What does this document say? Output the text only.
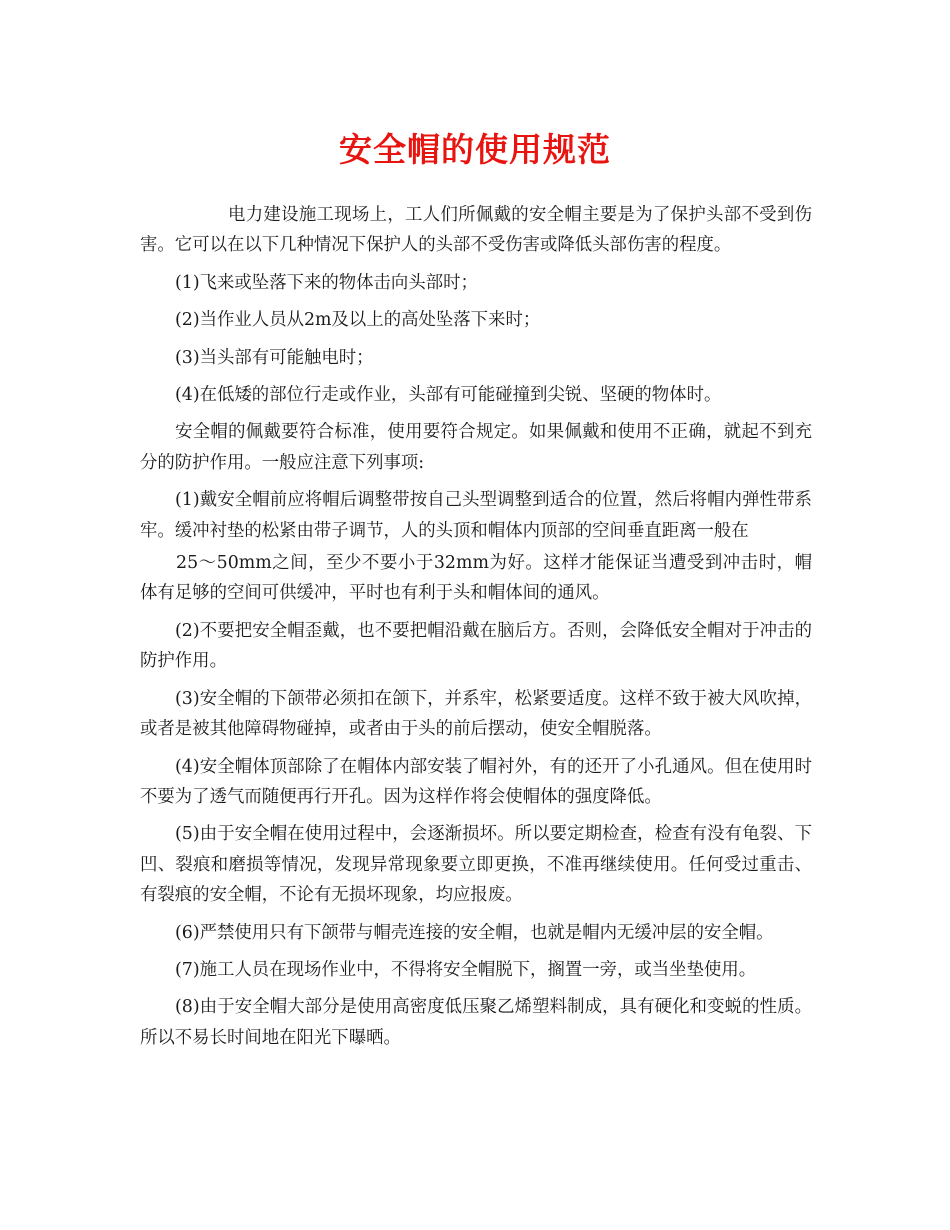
安全帽的使用规范

电力建设施工现场上，工人们所佩戴的安全帽主要是为了保护头部不受到伤害。它可以在以下几种情况下保护人的头部不受伤害或降低头部伤害的程度。

(1)飞来或坠落下来的物体击向头部时；

(2)当作业人员从2m及以上的高处坠落下来时；

(3)当头部有可能触电时；

(4)在低矮的部位行走或作业，头部有可能碰撞到尖锐、坚硬的物体时。

安全帽的佩戴要符合标准，使用要符合规定。如果佩戴和使用不正确，就起不到充分的防护作用。一般应注意下列事项:

(1)戴安全帽前应将帽后调整带按自己头型调整到适合的位置，然后将帽内弹性带系牢。缓冲衬垫的松紧由带子调节，人的头顶和帽体内顶部的空间垂直距离一般在

25～50mm之间，至少不要小于32mm为好。这样才能保证当遭受到冲击时，帽体有足够的空间可供缓冲，平时也有利于头和帽体间的通风。

(2)不要把安全帽歪戴，也不要把帽沿戴在脑后方。否则，会降低安全帽对于冲击的防护作用。

(3)安全帽的下颌带必须扣在颌下，并系牢，松紧要适度。这样不致于被大风吹掉，或者是被其他障碍物碰掉，或者由于头的前后摆动，使安全帽脱落。

(4)安全帽体顶部除了在帽体内部安装了帽衬外，有的还开了小孔通风。但在使用时不要为了透气而随便再行开孔。因为这样作将会使帽体的强度降低。

(5)由于安全帽在使用过程中，会逐渐损坏。所以要定期检查，检查有没有龟裂、下凹、裂痕和磨损等情况，发现异常现象要立即更换，不准再继续使用。任何受过重击、有裂痕的安全帽，不论有无损坏现象，均应报废。

(6)严禁使用只有下颌带与帽壳连接的安全帽，也就是帽内无缓冲层的安全帽。

(7)施工人员在现场作业中，不得将安全帽脱下，搁置一旁，或当坐垫使用。

(8)由于安全帽大部分是使用高密度低压聚乙烯塑料制成，具有硬化和变蜕的性质。所以不易长时间地在阳光下曝晒。
